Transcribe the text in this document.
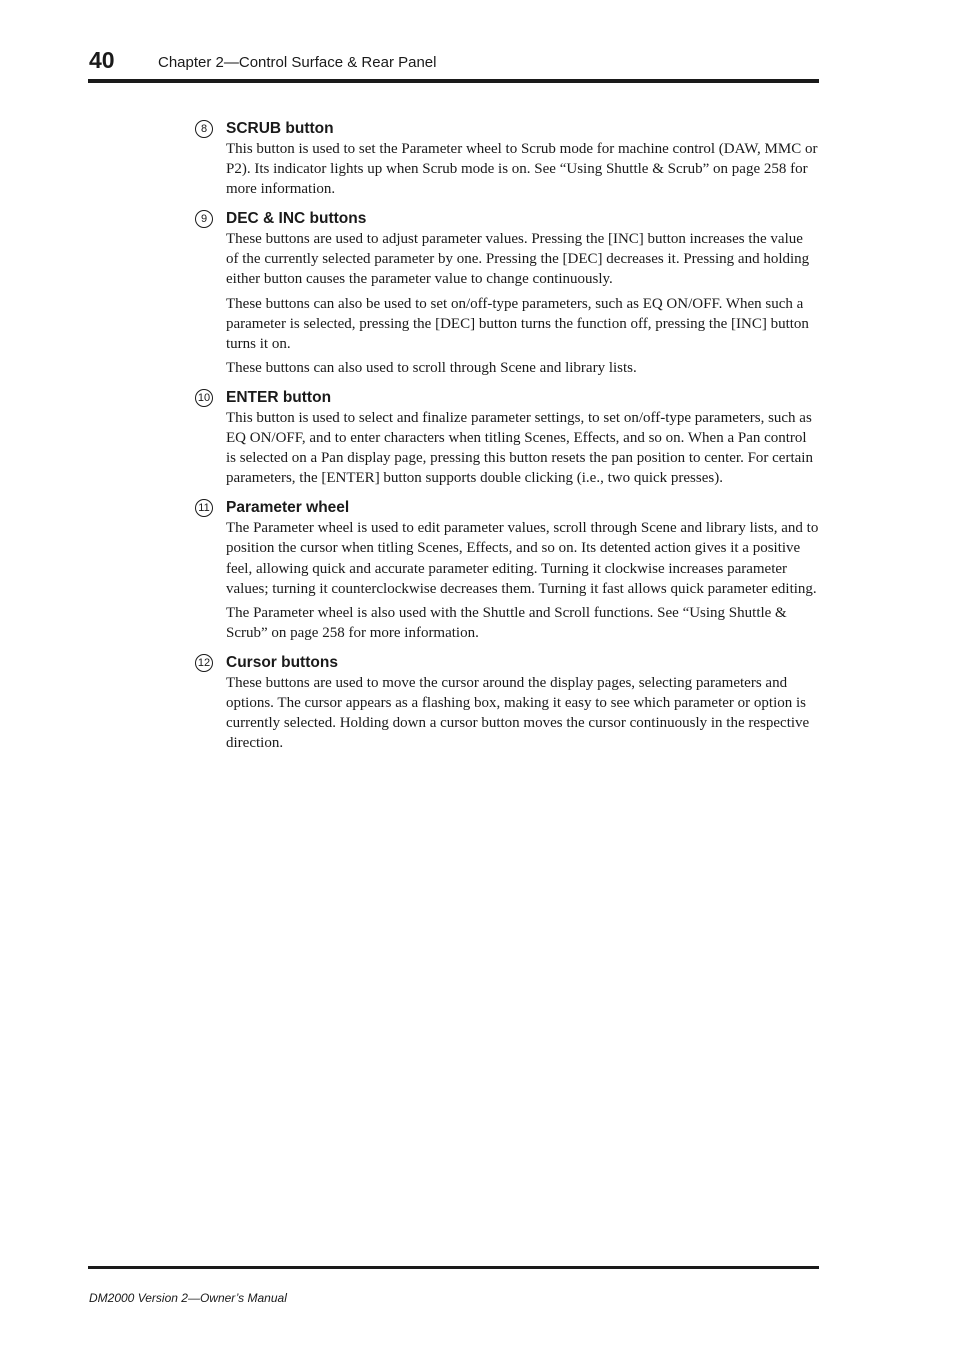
40	Chapter 2—Control Surface & Rear Panel
8	SCRUB button

This button is used to set the Parameter wheel to Scrub mode for machine control (DAW, MMC or P2). Its indicator lights up when Scrub mode is on. See “Using Shuttle & Scrub” on page 258 for more information.

9	DEC & INC buttons

These buttons are used to adjust parameter values. Pressing the [INC] button increases the value of the currently selected parameter by one. Pressing the [DEC] decreases it. Pressing and holding either button causes the parameter value to change continuously.

These buttons can also be used to set on/off-type parameters, such as EQ ON/OFF. When such a parameter is selected, pressing the [DEC] button turns the function off, pressing the [INC] button turns it on.

These buttons can also used to scroll through Scene and library lists.

10 ENTER button

This button is used to select and finalize parameter settings, to set on/off-type parameters, such as EQ ON/OFF, and to enter characters when titling Scenes, Effects, and so on. When a Pan control is selected on a Pan display page, pressing this button resets the pan position to center. For certain parameters, the [ENTER] button supports double clicking (i.e., two quick presses).

11 Parameter wheel

The Parameter wheel is used to edit parameter values, scroll through Scene and library lists, and to position the cursor when titling Scenes, Effects, and so on. Its detented action gives it a positive feel, allowing quick and accurate parameter editing. Turning it clockwise increases parameter values; turning it counterclockwise decreases them. Turning it fast allows quick parameter editing.

The Parameter wheel is also used with the Shuttle and Scroll functions. See “Using Shuttle & Scrub” on page 258 for more information.

12 Cursor buttons

These buttons are used to move the cursor around the display pages, selecting parameters and options. The cursor appears as a flashing box, making it easy to see which parameter or option is currently selected. Holding down a cursor button moves the cursor continuously in the respective direction.

DM2000 Version 2—Owner’s Manual
